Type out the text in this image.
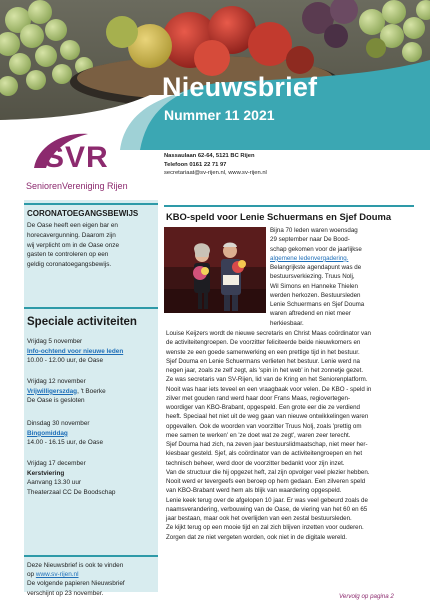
Nieuwsbrief
Nummer 11 2021
SVR
SeniorenVereniging Rijen
Nassaulaan 62-64, 5121 BC Rijen
Telefoon 0161 22 71 97
secretariaat@sv-rijen.nl, www.sv-rijen.nl
CORONATOEGANGSBEWIJS
De Oase heeft een eigen bar en
horecavergunning. Daarom zijn
wij verplicht om in de Oase onze
gasten te controleren op een
geldig coronatoegangsbewijs.
Speciale activiteiten
Vrijdag 5 november
Info-ochtend voor nieuwe leden
10.00 - 12.00 uur, de Oase
Vrijdag 12 november
Vrijwilligerszdag, 't Boerke
De Oase is gesloten
Dinsdag 30 november
Bingomiddag
14.00 - 16.15 uur, de Oase
Vrijdag 17 december
Kerstviering
Aanvang 13.30 uur
Theaterzaal CC De Boodschap
Deze Nieuwsbrief is ook te vinden
op www.sv-rijen.nl
De volgende papieren Nieuwsbrief
verschijnt op 23 november.
KBO-speld voor Lenie Schuermans en Sjef Douma
Bijna 70 leden waren woensdag
29 september naar De Bood-
schap gekomen voor de jaarlijkse
algemene ledenvergadering.
Belangrijkste agendapunt was de
bestuursverkiezing. Truus Nolj,
Wil Simons en Hanneke Thielen
werden herkozen. Bestuursleden
Lenie Schuermans en Sjef Douma
waren aftredend en niet meer
herkiesbaar.
Louise Keijzers wordt de nieuwe secretaris en Christ Maas coördinator van
de activiteitengroepen. De voorzitter feliciteerde beide nieuwkomers en
wenste ze een goede samenwerking en een prettige tijd in het bestuur.
Sjef Douma en Lenie Schuermans verlieten het bestuur. Lenie werd na
negen jaar, zoals ze zelf zegt, als 'spin in het web' in het zonnetje gezet.
Ze was secretaris van SV-Rijen, lid van de Kring en het Seniorenplatform.
Nooit was haar iets teveel en een vraagbaak voor velen. De KBO - speld in
zilver met gouden rand werd haar door Frans Maas, regiovertegen-
woordiger van KBO-Brabant, opgespeld. Een grote eer die ze verdiend
heeft. Speciaal het niet uit de weg gaan van nieuwe ontwikkelingen waren
opgevallen. Ook de woorden van voorzitter Truus Nolj, zoals 'prettig om
mee samen te werken' en 'ze doet wat ze zegt', waren zeer terecht.
Sjef Douma had zich, na zeven jaar bestuurslidmaatschap, niet meer her-
kiesbaar gesteld. Sjef, als coördinator van de activiteitengroepen en het
technisch beheer, werd door de voorzitter bedankt voor zijn inzet.
Van de structuur die hij opgezet heft, zal zijn opvolger veel plezier hebben.
Nooit werd er tevergeefs een beroep op hem gedaan. Een zilveren speld
van KBO-Brabant werd hem als blijk van waardering opgespeld.
Lenie keek terug over de afgelopen 10 jaar. Er was veel gebeurd zoals de
naamsverandering, verbouwing van de Oase, de viering van het 60 en 65
jaar bestaan, maar ook het overlijden van een zestal bestuursleden.
Ze kijkt terug op een mooie tijd en zal zich blijven inzetten voor ouderen.
Zorgen dat ze niet vergeten worden, ook niet in de digitale wereld.
Vervolg op pagina 2
